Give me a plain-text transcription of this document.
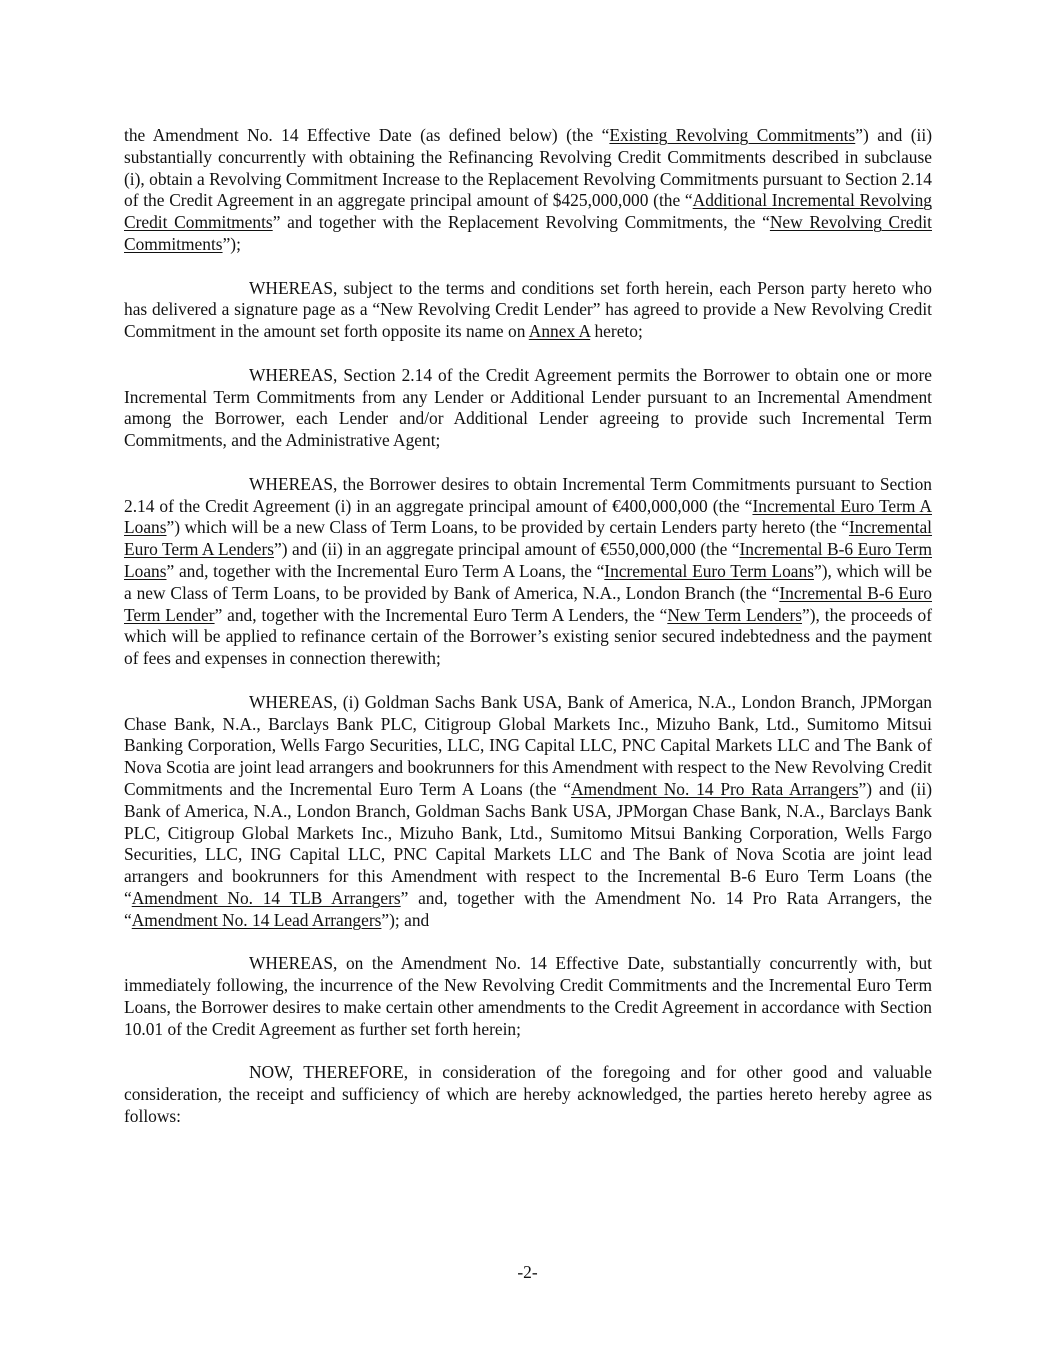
the Amendment No. 14 Effective Date (as defined below) (the “Existing Revolving Commitments”) and (ii) substantially concurrently with obtaining the Refinancing Revolving Credit Commitments described in subclause (i), obtain a Revolving Commitment Increase to the Replacement Revolving Commitments pursuant to Section 2.14 of the Credit Agreement in an aggregate principal amount of $425,000,000 (the “Additional Incremental Revolving Credit Commitments” and together with the Replacement Revolving Commitments, the “New Revolving Credit Commitments”);

WHEREAS, subject to the terms and conditions set forth herein, each Person party hereto who has delivered a signature page as a “New Revolving Credit Lender” has agreed to provide a New Revolving Credit Commitment in the amount set forth opposite its name on Annex A hereto;

WHEREAS, Section 2.14 of the Credit Agreement permits the Borrower to obtain one or more Incremental Term Commitments from any Lender or Additional Lender pursuant to an Incremental Amendment among the Borrower, each Lender and/or Additional Lender agreeing to provide such Incremental Term Commitments, and the Administrative Agent;

WHEREAS, the Borrower desires to obtain Incremental Term Commitments pursuant to Section 2.14 of the Credit Agreement (i) in an aggregate principal amount of €400,000,000 (the “Incremental Euro Term A Loans”) which will be a new Class of Term Loans, to be provided by certain Lenders party hereto (the “Incremental Euro Term A Lenders”) and (ii) in an aggregate principal amount of €550,000,000 (the “Incremental B-6 Euro Term Loans” and, together with the Incremental Euro Term A Loans, the “Incremental Euro Term Loans”), which will be a new Class of Term Loans, to be provided by Bank of America, N.A., London Branch (the “Incremental B-6 Euro Term Lender” and, together with the Incremental Euro Term A Lenders, the “New Term Lenders”), the proceeds of which will be applied to refinance certain of the Borrower’s existing senior secured indebtedness and the payment of fees and expenses in connection therewith;

WHEREAS, (i) Goldman Sachs Bank USA, Bank of America, N.A., London Branch, JPMorgan Chase Bank, N.A., Barclays Bank PLC, Citigroup Global Markets Inc., Mizuho Bank, Ltd., Sumitomo Mitsui Banking Corporation, Wells Fargo Securities, LLC, ING Capital LLC, PNC Capital Markets LLC and The Bank of Nova Scotia are joint lead arrangers and bookrunners for this Amendment with respect to the New Revolving Credit Commitments and the Incremental Euro Term A Loans (the “Amendment No. 14 Pro Rata Arrangers”) and (ii) Bank of America, N.A., London Branch, Goldman Sachs Bank USA, JPMorgan Chase Bank, N.A., Barclays Bank PLC, Citigroup Global Markets Inc., Mizuho Bank, Ltd., Sumitomo Mitsui Banking Corporation, Wells Fargo Securities, LLC, ING Capital LLC, PNC Capital Markets LLC and The Bank of Nova Scotia are joint lead arrangers and bookrunners for this Amendment with respect to the Incremental B-6 Euro Term Loans (the “Amendment No. 14 TLB Arrangers” and, together with the Amendment No. 14 Pro Rata Arrangers, the “Amendment No. 14 Lead Arrangers”); and

WHEREAS, on the Amendment No. 14 Effective Date, substantially concurrently with, but immediately following, the incurrence of the New Revolving Credit Commitments and the Incremental Euro Term Loans, the Borrower desires to make certain other amendments to the Credit Agreement in accordance with Section 10.01 of the Credit Agreement as further set forth herein;

NOW, THEREFORE, in consideration of the foregoing and for other good and valuable consideration, the receipt and sufficiency of which are hereby acknowledged, the parties hereto hereby agree as follows:

-2-
